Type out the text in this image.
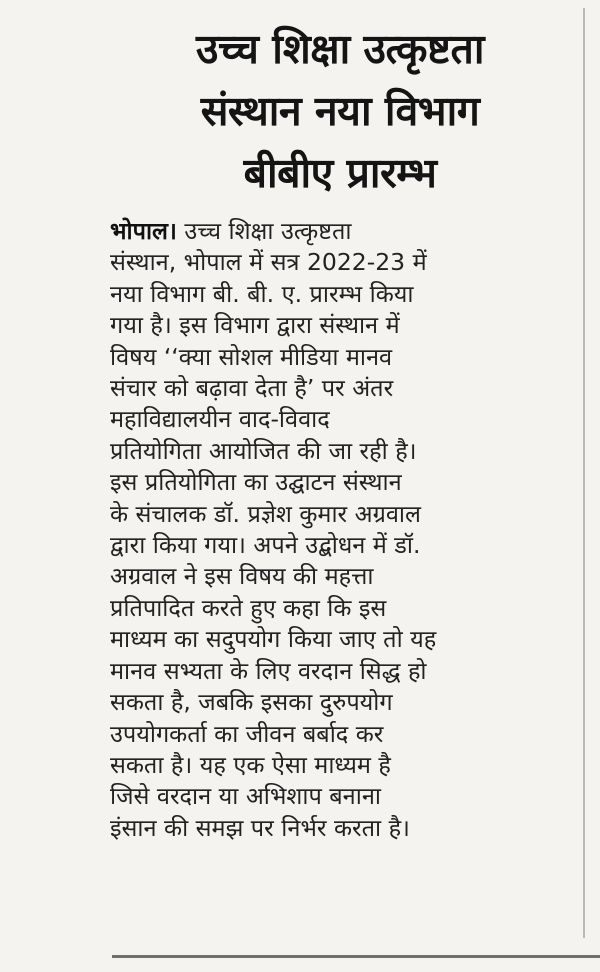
उच्च शिक्षा उत्कृष्टता
संस्थान नया विभाग
बीबीए प्रारम्भ
भोपाल। उच्च शिक्षा उत्कृष्टता
संस्थान, भोपाल में सत्र 2022-23 में
नया विभाग बी. बी. ए. प्रारम्भ किया
गया है। इस विभाग द्वारा संस्थान में
विषय ‘‘क्या सोशल मीडिया मानव
संचार को बढ़ावा देता है’ पर अंतर
महाविद्यालयीन वाद-विवाद
प्रतियोगिता आयोजित की जा रही है।
इस प्रतियोगिता का उद्घाटन संस्थान
के संचालक डॉ. प्रज्ञेश कुमार अग्रवाल
द्वारा किया गया। अपने उद्बोधन में डॉ.
अग्रवाल ने इस विषय की महत्ता
प्रतिपादित करते हुए कहा कि इस
माध्यम का सदुपयोग किया जाए तो यह
मानव सभ्यता के लिए वरदान सिद्ध हो
सकता है, जबकि इसका दुरुपयोग
उपयोगकर्ता का जीवन बर्बाद कर
सकता है। यह एक ऐसा माध्यम है
जिसे वरदान या अभिशाप बनाना
इंसान की समझ पर निर्भर करता है।
